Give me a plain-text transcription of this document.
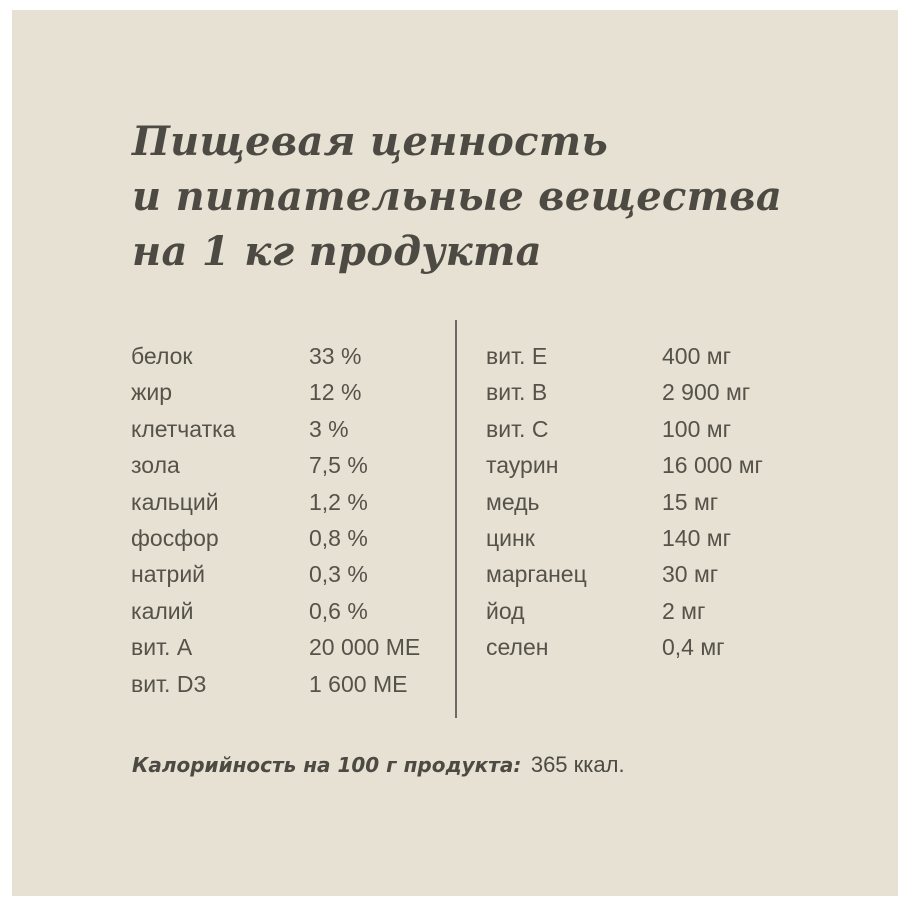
Пищевая ценность
и питательные вещества
на 1 кг продукта
белок	33 %
жир	12 %
клетчатка	3 %
зола	7,5 %
кальций	1,2 %
фосфор	0,8 %
натрий	0,3 %
калий	0,6 %
вит. А	20 000 МЕ
вит. D3	1 600 МЕ
вит. Е	400 мг
вит. В	2 900 мг
вит. С	100 мг
таурин	16 000 мг
медь	15 мг
цинк	140 мг
марганец	30 мг
йод	2 мг
селен	0,4 мг
Калорийность на 100 г продукта: 365 ккал.
